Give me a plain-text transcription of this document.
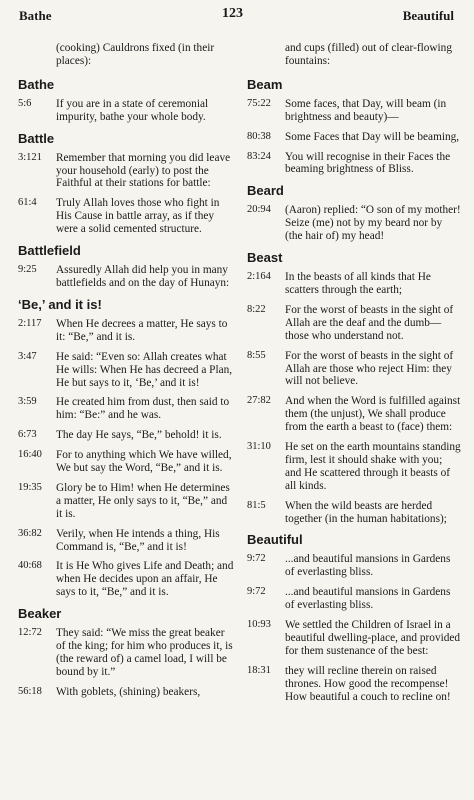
Bathe	123	Beautiful
(cooking) Cauldrons fixed (in their places):
Bathe
5:6	If you are in a state of ceremonial impurity, bathe your whole body.
Battle
3:121	Remember that morning you did leave your household (early) to post the Faithful at their stations for battle:
61:4	Truly Allah loves those who fight in His Cause in battle array, as if they were a solid cemented structure.
Battlefield
9:25	Assuredly Allah did help you in many battlefields and on the day of Hunayn:
‘Be,’ and it is!
2:117	When He decrees a matter, He says to it: “Be,” and it is.
3:47	He said: “Even so: Allah creates what He wills: When He has decreed a Plan, He but says to it, ‘Be,’ and it is!
3:59	He created him from dust, then said to him: “Be:” and he was.
6:73	The day He says, “Be,” behold! it is.
16:40	For to anything which We have willed, We but say the Word, “Be,” and it is.
19:35	Glory be to Him! when He determines a matter, He only says to it, “Be,” and it is.
36:82	Verily, when He intends a thing, His Command is, “Be,” and it is!
40:68	It is He Who gives Life and Death; and when He decides upon an affair, He says to it, “Be,” and it is.
Beaker
12:72	They said: “We miss the great beaker of the king; for him who produces it, is (the reward of) a camel load, I will be bound by it.”
56:18	With goblets, (shining) beakers,
and cups (filled) out of clear-flowing fountains:
Beam
75:22	Some faces, that Day, will beam (in brightness and beauty)—
80:38	Some Faces that Day will be beaming,
83:24	You will recognise in their Faces the beaming brightness of Bliss.
Beard
20:94	(Aaron) replied: “O son of my mother! Seize (me) not by my beard nor by (the hair of) my head!
Beast
2:164	In the beasts of all kinds that He scatters through the earth;
8:22	For the worst of beasts in the sight of Allah are the deaf and the dumb—those who understand not.
8:55	For the worst of beasts in the sight of Allah are those who reject Him: they will not believe.
27:82	And when the Word is fulfilled against them (the unjust), We shall produce from the earth a beast to (face) them:
31:10	He set on the earth mountains standing firm, lest it should shake with you; and He scattered through it beasts of all kinds.
81:5	When the wild beasts are herded together (in the human habitations);
Beautiful
9:72	...and beautiful mansions in Gardens of everlasting bliss.
9:72	...and beautiful mansions in Gardens of everlasting bliss.
10:93	We settled the Children of Israel in a beautiful dwelling-place, and provided for them sustenance of the best:
18:31	they will recline therein on raised thrones. How good the recompense! How beautiful a couch to recline on!
